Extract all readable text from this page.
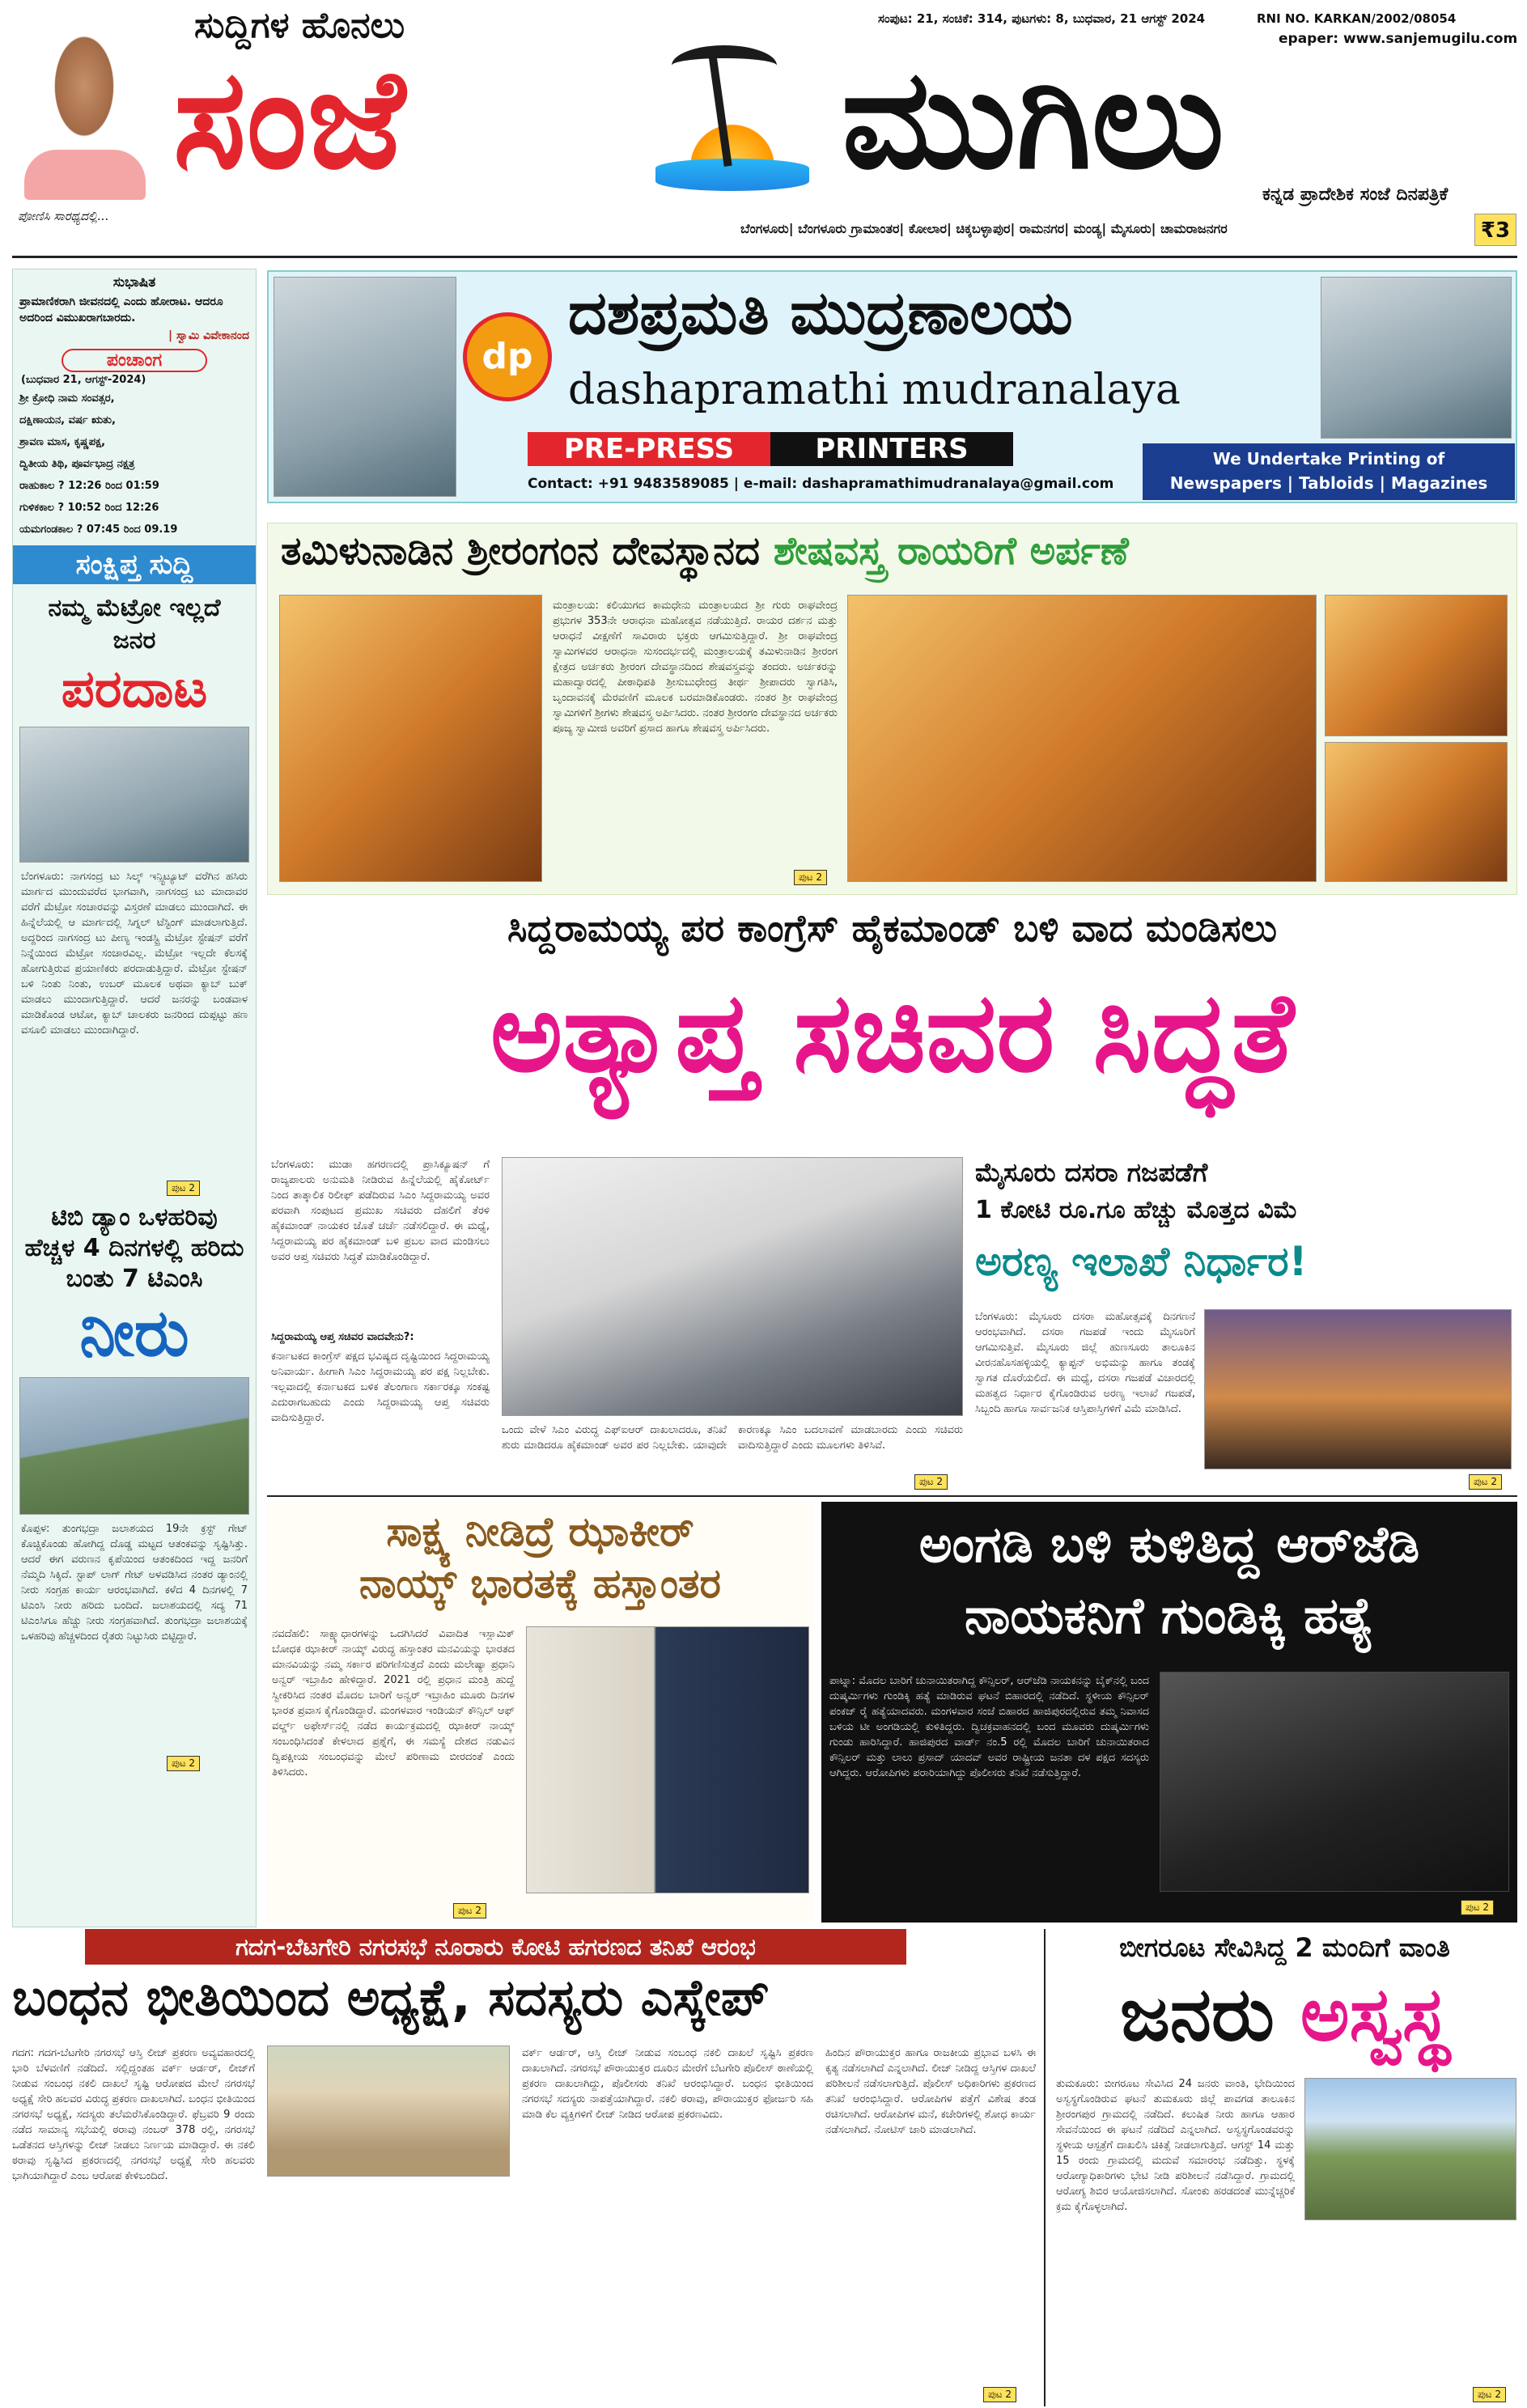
ಪೋಣಿಸಿ ಸಾರಥ್ಯದಲ್ಲಿ...
ಸುದ್ದಿಗಳ ಹೊನಲು
ಸಂಜೆ	ಮುಗಿಲು
ಸಂಪುಟ: 21, ಸಂಚಿಕೆ: 314, ಪುಟಗಳು: 8, ಬುಧವಾರ, 21 ಆಗಸ್ಟ್ 2024	RNI NO. KARKAN/2002/08054
epaper: www.sanjemugilu.com
ಕನ್ನಡ ಪ್ರಾದೇಶಿಕ ಸಂಜೆ ದಿನಪತ್ರಿಕೆ
ಬೆಂಗಳೂರು| ಬೆಂಗಳೂರು ಗ್ರಾಮಾಂತರ| ಕೋಲಾರ| ಚಿಕ್ಕಬಳ್ಳಾಪುರ| ರಾಮನಗರ| ಮಂಡ್ಯ| ಮೈಸೂರು| ಚಾಮರಾಜನಗರ	₹3
ಸುಭಾಷಿತ
ಪ್ರಾಮಾಣಿಕರಾಗಿ ಜೀವನದಲ್ಲಿ ಎಂದು ಹೋರಾಟ. ಆದರೂ ಅದರಿಂದ ವಿಮುಖರಾಗಬಾರದು.
| ಸ್ವಾಮಿ ವಿವೇಕಾನಂದ
ಪಂಚಾಂಗ
(ಬುಧವಾರ 21, ಆಗಸ್ಟ್-2024)
ಶ್ರೀ ಕ್ರೋಧಿ ನಾಮ ಸಂವತ್ಸರ,
ದಕ್ಷಿಣಾಯನ, ವರ್ಷ ಋತು,
ಶ್ರಾವಣ ಮಾಸ, ಕೃಷ್ಣಪಕ್ಷ,
ದ್ವಿತೀಯ ತಿಥಿ, ಪೂರ್ವಭಾದ್ರ ನಕ್ಷತ್ರ
ರಾಹುಕಾಲ ? 12:26 ರಿಂದ 01:59
ಗುಳಿಕಕಾಲ ? 10:52 ರಿಂದ 12:26
ಯಮಗಂಡಕಾಲ ? 07:45 ರಿಂದ 09.19
ಸಂಕ್ಷಿಪ್ತ ಸುದ್ದಿ
ನಮ್ಮ ಮೆಟ್ರೋ ಇಲ್ಲದೆ ಜನರ
ಪರದಾಟ
ಬೆಂಗಳೂರು: ನಾಗಸಂದ್ರ ಟು ಸಿಲ್ಕ್ ಇನ್ಸ್ಟಿಟ್ಯೂಟ್ ವರೆಗಿನ ಹಸಿರು ಮಾರ್ಗದ ಮುಂದುವರೆದ ಭಾಗವಾಗಿ, ನಾಗಸಂದ್ರ ಟು ಮಾದಾವರ ವರೆಗೆ ಮೆಟ್ರೋ ಸಂಚಾರವನ್ನು ವಿಸ್ತರಣೆ ಮಾಡಲು ಮುಂದಾಗಿದೆ. ಈ ಹಿನ್ನೆಲೆಯಲ್ಲಿ ಆ ಮಾರ್ಗದಲ್ಲಿ ಸಿಗ್ನಲ್ ಟೆಸ್ಟಿಂಗ್ ಮಾಡಲಾಗುತ್ತಿದೆ. ಅದ್ದರಿಂದ ನಾಗಸಂದ್ರ ಟು ಪೀಣ್ಯ ಇಂಡಸ್ಟ್ರಿ ಮೆಟ್ರೋ ಸ್ಟೇಷನ್ ವರೆಗೆ ನಿನ್ನೆಯಿಂದ ಮೆಟ್ರೋ ಸಂಚಾರವಿಲ್ಲ. ಮೆಟ್ರೋ ಇಲ್ಲದೇ ಕೆಲಸಕ್ಕೆ ಹೋಗುತ್ತಿರುವ ಪ್ರಯಾಣಿಕರು ಪರದಾಡುತ್ತಿದ್ದಾರೆ. ಮೆಟ್ರೋ ಸ್ಟೇಷನ್ ಬಳಿ ನಿಂತು ನಿಂತು, ಉಬರ್ ಮೂಲಕ ಅಥವಾ ಕ್ಯಾಬ್ ಬುಕ್ ಮಾಡಲು ಮುಂದಾಗುತ್ತಿದ್ದಾರೆ. ಆದರೆ ಜನರನ್ನು ಬಂಡವಾಳ ಮಾಡಿಕೊಂಡ ಆಟೋ, ಕ್ಯಾಬ್ ಚಾಲಕರು ಜನರಿಂದ ದುಪ್ಪಟ್ಟು ಹಣ ವಸೂಲಿ ಮಾಡಲು ಮುಂದಾಗಿದ್ದಾರೆ.
ಪುಟ 2
ಟಿಬಿ ಡ್ಯಾಂ ಒಳಹರಿವು ಹೆಚ್ಚಳ 4 ದಿನಗಳಲ್ಲಿ ಹರಿದು ಬಂತು 7 ಟಿಎಂಸಿ
ನೀರು
ಕೊಪ್ಪಳ: ತುಂಗಭದ್ರಾ ಜಲಾಶಯದ 19ನೇ ಕ್ರಸ್ಟ್ ಗೇಟ್ ಕೊಚ್ಚಿಕೊಂಡು ಹೋಗಿದ್ದ ದೊಡ್ಡ ಮಟ್ಟದ ಆತಂಕವನ್ನು ಸೃಷ್ಟಿಸಿತ್ತು. ಆದರೆ ಈಗ ವರುಣನ ಕೃಪೆಯಿಂದ ಆತಂಕದಿಂದ ಇದ್ದ ಜನರಿಗೆ ನೆಮ್ಮದಿ ಸಿಕ್ಕಿದೆ. ಸ್ಟಾಪ್ ಲಾಗ್ ಗೇಟ್ ಅಳವಡಿಸಿದ ನಂತರ ಡ್ಯಾಂನಲ್ಲಿ ನೀರು ಸಂಗ್ರಹ ಕಾರ್ಯ ಆರಂಭವಾಗಿದೆ. ಕಳೆದ 4 ದಿನಗಳಲ್ಲಿ 7 ಟಿಎಂಸಿ ನೀರು ಹರಿದು ಬಂದಿದೆ. ಜಲಾಶಯದಲ್ಲಿ ಸದ್ಯ 71 ಟಿಎಂಸಿಗೂ ಹೆಚ್ಚು ನೀರು ಸಂಗ್ರಹವಾಗಿದೆ. ತುಂಗಭದ್ರಾ ಜಲಾಶಯಕ್ಕೆ ಒಳಹರಿವು ಹೆಚ್ಚಳದಿಂದ ರೈತರು ನಿಟ್ಟುಸಿರು ಬಿಟ್ಟಿದ್ದಾರೆ.
ಪುಟ 2
dp
ದಶಪ್ರಮತಿ ಮುದ್ರಣಾಲಯ
dashapramathi mudranalaya
PRE-PRESS	PRINTERS
Contact: +91 9483589085 | e-mail: dashapramathimudranalaya@gmail.com
We Undertake Printing of
Newspapers | Tabloids | Magazines
ತಮಿಳುನಾಡಿನ ಶ್ರೀರಂಗಂನ ದೇವಸ್ಥಾನದ ಶೇಷವಸ್ತ್ರ ರಾಯರಿಗೆ ಅರ್ಪಣೆ
ಮಂತ್ರಾಲಯ: ಕಲಿಯುಗದ ಕಾಮಧೇನು ಮಂತ್ರಾಲಯದ ಶ್ರೀ ಗುರು ರಾಘವೇಂದ್ರ ಪ್ರಭುಗಳ 353ನೇ ಆರಾಧನಾ ಮಹೋತ್ಸವ ನಡೆಯುತ್ತಿದೆ. ರಾಯರ ದರ್ಶನ ಮತ್ತು ಆರಾಧನೆ ವೀಕ್ಷಣೆಗೆ ಸಾವಿರಾರು ಭಕ್ತರು ಆಗಮಿಸುತ್ತಿದ್ದಾರೆ. ಶ್ರೀ ರಾಘವೇಂದ್ರ ಸ್ವಾಮಿಗಳವರ ಆರಾಧನಾ ಸುಸಂದರ್ಭದಲ್ಲಿ ಮಂತ್ರಾಲಯಕ್ಕೆ ತಮಿಳುನಾಡಿನ ಶ್ರೀರಂಗ ಕ್ಷೇತ್ರದ ಅರ್ಚಕರು ಶ್ರೀರಂಗ ದೇವಸ್ಥಾನದಿಂದ ಶೇಷವಸ್ತ್ರವನ್ನು ತಂದರು. ಅರ್ಚಕರನ್ನು ಮಹಾದ್ವಾರದಲ್ಲಿ ಪೀಠಾಧಿಪತಿ ಶ್ರೀಸುಬುಧೇಂದ್ರ ತೀರ್ಥ ಶ್ರೀಪಾದರು ಸ್ವಾಗತಿಸಿ, ಬೃಂದಾವನಕ್ಕೆ ಮೆರವಣಿಗೆ ಮೂಲಕ ಬರಮಾಡಿಕೊಂಡರು. ನಂತರ ಶ್ರೀ ರಾಘವೇಂದ್ರ ಸ್ವಾಮಿಗಳಿಗೆ ಶ್ರೀಗಳು ಶೇಷವಸ್ತ್ರ ಅರ್ಪಿಸಿದರು. ನಂತರ ಶ್ರೀರಂಗಂ ದೇವಸ್ಥಾನದ ಅರ್ಚಕರು ಪೂಜ್ಯ ಸ್ವಾಮೀಜಿ ಅವರಿಗೆ ಪ್ರಸಾದ ಹಾಗೂ ಶೇಷವಸ್ತ್ರ ಅರ್ಪಿಸಿದರು.
ಪುಟ 2
ಸಿದ್ದರಾಮಯ್ಯ ಪರ ಕಾಂಗ್ರೆಸ್ ಹೈಕಮಾಂಡ್ ಬಳಿ ವಾದ ಮಂಡಿಸಲು
ಅತ್ಯಾಪ್ತ ಸಚಿವರ ಸಿದ್ಧತೆ
ಬೆಂಗಳೂರು: ಮುಡಾ ಹಗರಣದಲ್ಲಿ ಪ್ರಾಸಿಕ್ಯೂಷನ್ ಗೆ ರಾಜ್ಯಪಾಲರು ಅನುಮತಿ ನೀಡಿರುವ ಹಿನ್ನೆಲೆಯಲ್ಲಿ ಹೈಕೋರ್ಟ್ ನಿಂದ ತಾತ್ಕಾಲಿಕ ರಿಲೀಫ್ ಪಡೆದಿರುವ ಸಿಎಂ ಸಿದ್ದರಾಮಯ್ಯ ಅವರ ಪರವಾಗಿ ಸಂಪುಟದ ಪ್ರಮುಖ ಸಚಿವರು ದೆಹಲಿಗೆ ತೆರಳಿ ಹೈಕಮಾಂಡ್ ನಾಯಕರ ಜೊತೆ ಚರ್ಚೆ ನಡೆಸಲಿದ್ದಾರೆ. ಈ ಮಧ್ಯೆ, ಸಿದ್ದರಾಮಯ್ಯ ಪರ ಹೈಕಮಾಂಡ್ ಬಳಿ ಪ್ರಬಲ ವಾದ ಮಂಡಿಸಲು ಅವರ ಆಪ್ತ ಸಚಿವರು ಸಿದ್ಧತೆ ಮಾಡಿಕೊಂಡಿದ್ದಾರೆ.
ಸಿದ್ದರಾಮಯ್ಯ ಆಪ್ತ ಸಚಿವರ ವಾದವೇನು?:
ಕರ್ನಾಟಕದ ಕಾಂಗ್ರೆಸ್ ಪಕ್ಷದ ಭವಿಷ್ಯದ ದೃಷ್ಟಿಯಿಂದ ಸಿದ್ದರಾಮಯ್ಯ ಅನಿವಾರ್ಯ. ಹೀಗಾಗಿ ಸಿಎಂ ಸಿದ್ದರಾಮಯ್ಯ ಪರ ಪಕ್ಷ ನಿಲ್ಲಬೇಕು. ಇಲ್ಲವಾದಲ್ಲಿ ಕರ್ನಾಟಕದ ಬಳಿಕ ತೆಲಂಗಾಣ ಸರ್ಕಾರಕ್ಕೂ ಸಂಕಷ್ಟ ಎದುರಾಗಬಹುದು ಎಂದು ಸಿದ್ದರಾಮಯ್ಯ ಆಪ್ತ ಸಚಿವರು ವಾದಿಸುತ್ತಿದ್ದಾರೆ.
ಒಂದು ವೇಳೆ ಸಿಎಂ ವಿರುದ್ಧ ಎಫ್‌ಐಆರ್ ದಾಖಲಾದರೂ, ತನಿಖೆ ಶುರು ಮಾಡಿದರೂ ಹೈಕಮಾಂಡ್ ಅವರ ಪರ ನಿಲ್ಲಬೇಕು. ಯಾವುದೇ ಕಾರಣಕ್ಕೂ ಸಿಎಂ ಬದಲಾವಣೆ ಮಾಡಬಾರದು ಎಂದು ಸಚಿವರು ವಾದಿಸುತ್ತಿದ್ದಾರೆ ಎಂದು ಮೂಲಗಳು ತಿಳಿಸಿವೆ.
ಪುಟ 2
ಮೈಸೂರು ದಸರಾ ಗಜಪಡೆಗೆ
1 ಕೋಟಿ ರೂ.ಗೂ ಹೆಚ್ಚು ಮೊತ್ತದ ವಿಮೆ
ಅರಣ್ಯ ಇಲಾಖೆ ನಿರ್ಧಾರ!
ಬೆಂಗಳೂರು: ಮೈಸೂರು ದಸರಾ ಮಹೋತ್ಸವಕ್ಕೆ ದಿನಗಣನೆ ಆರಂಭವಾಗಿದೆ. ದಸರಾ ಗಜಪಡೆ ಇಂದು ಮೈಸೂರಿಗೆ ಆಗಮಿಸುತ್ತಿವೆ. ಮೈಸೂರು ಜಿಲ್ಲೆ ಹುಣಸೂರು ತಾಲೂಕಿನ ವೀರನಹೊಸಹಳ್ಳಿಯಲ್ಲಿ ಕ್ಯಾಪ್ಟನ್ ಅಭಿಮನ್ಯು ಹಾಗೂ ತಂಡಕ್ಕೆ ಸ್ವಾಗತ ದೊರೆಯಲಿದೆ. ಈ ಮಧ್ಯೆ, ದಸರಾ ಗಜಪಡೆ ವಿಚಾರದಲ್ಲಿ ಮಹತ್ವದ ನಿರ್ಧಾರ ಕೈಗೊಂಡಿರುವ ಅರಣ್ಯ ಇಲಾಖೆ ಗಜಪಡೆ, ಸಿಬ್ಬಂದಿ ಹಾಗೂ ಸಾರ್ವಜನಿಕ ಆಸ್ತಿಪಾಸ್ತಿಗಳಿಗೆ ವಿಮೆ ಮಾಡಿಸಿದೆ.
ಪುಟ 2
ಸಾಕ್ಷ್ಯ ನೀಡಿದ್ರೆ ಝಾಕೀರ್
ನಾಯ್ಕ್ ಭಾರತಕ್ಕೆ ಹಸ್ತಾಂತರ
ನವದೆಹಲಿ: ಸಾಕ್ಷ್ಯಾಧಾರಗಳನ್ನು ಒದಗಿಸಿದರೆ ವಿವಾದಿತ ಇಸ್ಲಾಮಿಕ್ ಬೋಧಕ ಝಾಕೀರ್ ನಾಯ್ಕ್ ವಿರುದ್ಧ ಹಸ್ತಾಂತರ ಮನವಿಯನ್ನು ಭಾರತದ ಮಾನವಿಯನ್ನು ನಮ್ಮ ಸರ್ಕಾರ ಪರಿಗಣಿಸುತ್ತದೆ ಎಂದು ಮಲೇಷ್ಯಾ ಪ್ರಧಾನಿ ಅನ್ವರ್ ಇಬ್ರಾಹಿಂ ಹೇಳಿದ್ದಾರೆ. 2021 ರಲ್ಲಿ ಪ್ರಧಾನ ಮಂತ್ರಿ ಹುದ್ದೆ ಸ್ವೀಕರಿಸಿದ ನಂತರ ಮೊದಲ ಬಾರಿಗೆ ಅನ್ವರ್ ಇಬ್ರಾಹಿಂ ಮೂರು ದಿನಗಳ ಭಾರತ ಪ್ರವಾಸ ಕೈಗೊಂಡಿದ್ದಾರೆ. ಮಂಗಳವಾರ ಇಂಡಿಯನ್ ಕೌನ್ಸಿಲ್ ಆಫ್ ವರ್ಲ್ಡ್ ಅಫೇರ್ಸ್‌ನಲ್ಲಿ ನಡೆದ ಕಾರ್ಯಕ್ರಮದಲ್ಲಿ ಝಾಕೀರ್ ನಾಯ್ಕ್ ಸಂಬಂಧಿಸಿದಂತೆ ಕೇಳಲಾದ ಪ್ರಶ್ನೆಗೆ, ಈ ಸಮಸ್ಯೆ ದೇಶದ ನಡುವಿನ ದ್ವಿಪಕ್ಷೀಯ ಸಂಬಂಧವನ್ನು ಮೇಲೆ ಪರಿಣಾಮ ಬೀರದಂತೆ ಎಂದು ತಿಳಿಸಿದರು.
ಪುಟ 2
ಅಂಗಡಿ ಬಳಿ ಕುಳಿತಿದ್ದ ಆರ್‌ಜೆಡಿ
ನಾಯಕನಿಗೆ ಗುಂಡಿಕ್ಕಿ ಹತ್ಯೆ
ಪಾಟ್ನಾ: ಮೊದಲ ಬಾರಿಗೆ ಚುನಾಯಿತರಾಗಿದ್ದ ಕೌನ್ಸಿಲರ್, ಆರ್‌ಜೆಡಿ ನಾಯಕನನ್ನು ಬೈಕ್‌ನಲ್ಲಿ ಬಂದ ದುಷ್ಕರ್ಮಿಗಳು ಗುಂಡಿಕ್ಕಿ ಹತ್ಯೆ ಮಾಡಿರುವ ಘಟನೆ ಬಿಹಾರದಲ್ಲಿ ನಡೆದಿದೆ. ಸ್ಥಳೀಯ ಕೌನ್ಸಿಲರ್ ಪಂಕಜ್ ರೈ ಹತ್ಯೆಯಾದವರು. ಮಂಗಳವಾರ ಸಂಜೆ ಬಿಹಾರದ ಹಾಜಿಪುರದಲ್ಲಿರುವ ತಮ್ಮ ನಿವಾಸದ ಬಳಿಯ ಟೀ ಅಂಗಡಿಯಲ್ಲಿ ಕುಳಿತಿದ್ದರು. ದ್ವಿಚಕ್ರವಾಹನದಲ್ಲಿ ಬಂದ ಮೂವರು ದುಷ್ಕರ್ಮಿಗಳು ಗುಂಡು ಹಾರಿಸಿದ್ದಾರೆ. ಹಾಜಿಪುರದ ವಾರ್ಡ್ ನಂ.5 ರಲ್ಲಿ ಮೊದಲ ಬಾರಿಗೆ ಚುನಾಯಿತರಾದ ಕೌನ್ಸಿಲರ್ ಮತ್ತು ಲಾಲು ಪ್ರಸಾದ್ ಯಾದವ್ ಅವರ ರಾಷ್ಟ್ರೀಯ ಜನತಾ ದಳ ಪಕ್ಷದ ಸದಸ್ಯರು ಆಗಿದ್ದರು. ಆರೋಪಿಗಳು ಪರಾರಿಯಾಗಿದ್ದು ಪೊಲೀಸರು ತನಿಖೆ ನಡೆಸುತ್ತಿದ್ದಾರೆ.
ಪುಟ 2
ಗದಗ-ಬೆಟಗೇರಿ ನಗರಸಭೆ ನೂರಾರು ಕೋಟಿ ಹಗರಣದ ತನಿಖೆ ಆರಂಭ
ಬಂಧನ ಭೀತಿಯಿಂದ ಅಧ್ಯಕ್ಷೆ, ಸದಸ್ಯರು ಎಸ್ಕೇಪ್
ಗದಗ: ಗದಗ-ಬೆಟಗೇರಿ ನಗರಸಭೆ ಆಸ್ತಿ ಲೀಜ್ ಪ್ರಕರಣ ಅವ್ಯವಹಾರದಲ್ಲಿ ಭಾರಿ ಬೆಳವಣಿಗೆ ನಡೆದಿದೆ. ಸಲ್ಲಿದ್ದಂತಹ ವರ್ಕ್ ಆರ್ಡರ್, ಲೀಜ್‌ಗೆ ನೀಡುವ ಸಂಬಂಧ ನಕಲಿ ದಾಖಲೆ ಸೃಷ್ಟಿ ಆರೋಪದ ಮೇಲೆ ನಗರಸಭೆ ಅಧ್ಯಕ್ಷೆ ಸೇರಿ ಹಲವರ ವಿರುದ್ಧ ಪ್ರಕರಣ ದಾಖಲಾಗಿದೆ. ಬಂಧನ ಭೀತಿಯಿಂದ ನಗರಸಭೆ ಅಧ್ಯಕ್ಷೆ, ಸದಸ್ಯರು ತಲೆಮರೆಸಿಕೊಂಡಿದ್ದಾರೆ. ಫೆಬ್ರವರಿ 9 ರಂದು ನಡೆದ ಸಾಮಾನ್ಯ ಸಭೆಯಲ್ಲಿ ಠರಾವು ನಂಬರ್ 378 ರಲ್ಲಿ, ನಗರಸಭೆ ಒಡೆತನದ ಆಸ್ತಿಗಳನ್ನು ಲೀಜ್ ನೀಡಲು ನಿರ್ಣಯ ಮಾಡಿದ್ದಾರೆ. ಈ ನಕಲಿ ಠರಾವು ಸೃಷ್ಟಿಸಿದ ಪ್ರಕರಣದಲ್ಲಿ ನಗರಸಭೆ ಅಧ್ಯಕ್ಷೆ ಸೇರಿ ಹಲವರು ಭಾಗಿಯಾಗಿದ್ದಾರೆ ಎಂಬ ಆರೋಪ ಕೇಳಿಬಂದಿದೆ.
ವರ್ಕ್ ಆರ್ಡರ್, ಆಸ್ತಿ ಲೀಜ್ ನೀಡುವ ಸಂಬಂಧ ನಕಲಿ ದಾಖಲೆ ಸೃಷ್ಟಿಸಿ ಪ್ರಕರಣ ದಾಖಲಾಗಿದೆ. ನಗರಸಭೆ ಪೌರಾಯುಕ್ತರ ದೂರಿನ ಮೇರೆಗೆ ಬೆಟಗೇರಿ ಪೊಲೀಸ್ ಠಾಣೆಯಲ್ಲಿ ಪ್ರಕರಣ ದಾಖಲಾಗಿದ್ದು, ಪೊಲೀಸರು ತನಿಖೆ ಆರಂಭಿಸಿದ್ದಾರೆ. ಬಂಧನ ಭೀತಿಯಿಂದ ನಗರಸಭೆ ಸದಸ್ಯರು ನಾಪತ್ತೆಯಾಗಿದ್ದಾರೆ. ನಕಲಿ ಠರಾವು, ಪೌರಾಯುಕ್ತರ ಫೋರ್ಜರಿ ಸಹಿ ಮಾಡಿ ಕೆಲ ವ್ಯಕ್ತಿಗಳಿಗೆ ಲೀಜ್ ನೀಡಿದ ಆರೋಪ ಪ್ರಕರಣವಿದು.
ಹಿಂದಿನ ಪೌರಾಯುಕ್ತರ ಹಾಗೂ ರಾಜಕೀಯ ಪ್ರಭಾವ ಬಳಸಿ ಈ ಕೃತ್ಯ ನಡೆಸಲಾಗಿದೆ ಎನ್ನಲಾಗಿದೆ. ಲೀಜ್ ನೀಡಿದ್ದ ಆಸ್ತಿಗಳ ದಾಖಲೆ ಪರಿಶೀಲನೆ ನಡೆಸಲಾಗುತ್ತಿದೆ. ಪೊಲೀಸ್ ಅಧಿಕಾರಿಗಳು ಪ್ರಕರಣದ ತನಿಖೆ ಆರಂಭಿಸಿದ್ದಾರೆ. ಆರೋಪಿಗಳ ಪತ್ತೆಗೆ ವಿಶೇಷ ತಂಡ ರಚಿಸಲಾಗಿದೆ. ಆರೋಪಿಗಳ ಮನೆ, ಕಚೇರಿಗಳಲ್ಲಿ ಶೋಧ ಕಾರ್ಯ ನಡೆಸಲಾಗಿದೆ. ನೋಟಿಸ್ ಜಾರಿ ಮಾಡಲಾಗಿದೆ.
ಪುಟ 2
ಬೀಗರೂಟ ಸೇವಿಸಿದ್ದ 2 ಮಂದಿಗೆ ವಾಂತಿ
ಜನರು ಅಸ್ವಸ್ಥ
ತುಮಕೂರು: ಬೀಗರೂಟ ಸೇವಿಸಿದ 24 ಜನರು ವಾಂತಿ, ಭೇದಿಯಿಂದ ಅಸ್ವಸ್ಥಗೊಂಡಿರುವ ಘಟನೆ ತುಮಕೂರು ಜಿಲ್ಲೆ ಪಾವಗಡ ತಾಲೂಕಿನ ಶ್ರೀರಂಗಪುರ ಗ್ರಾಮದಲ್ಲಿ ನಡೆದಿದೆ. ಕಲುಷಿತ ನೀರು ಹಾಗೂ ಆಹಾರ ಸೇವನೆಯಿಂದ ಈ ಘಟನೆ ನಡೆದಿದೆ ಎನ್ನಲಾಗಿದೆ. ಅಸ್ವಸ್ಥಗೊಂಡವರನ್ನು ಸ್ಥಳೀಯ ಆಸ್ಪತ್ರೆಗೆ ದಾಖಲಿಸಿ ಚಿಕಿತ್ಸೆ ನೀಡಲಾಗುತ್ತಿದೆ. ಆಗಸ್ಟ್ 14 ಮತ್ತು 15 ರಂದು ಗ್ರಾಮದಲ್ಲಿ ಮದುವೆ ಸಮಾರಂಭ ನಡೆದಿತ್ತು. ಸ್ಥಳಕ್ಕೆ ಆರೋಗ್ಯಾಧಿಕಾರಿಗಳು ಭೇಟಿ ನೀಡಿ ಪರಿಶೀಲನೆ ನಡೆಸಿದ್ದಾರೆ. ಗ್ರಾಮದಲ್ಲಿ ಆರೋಗ್ಯ ಶಿಬಿರ ಆಯೋಜಿಸಲಾಗಿದೆ. ಸೋಂಕು ಹರಡದಂತೆ ಮುನ್ನೆಚ್ಚರಿಕೆ ಕ್ರಮ ಕೈಗೊಳ್ಳಲಾಗಿದೆ.
ಪುಟ 2
